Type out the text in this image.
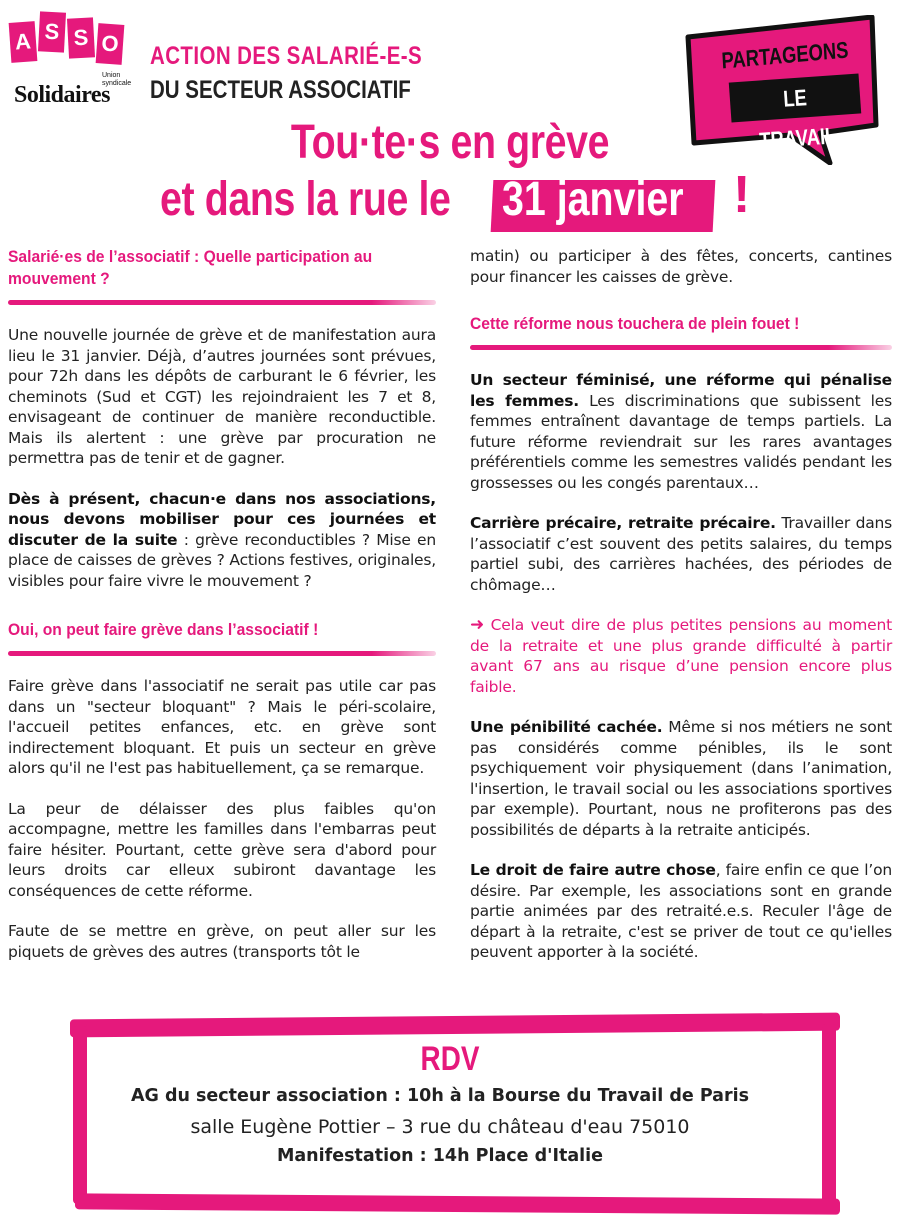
A S S O
Solidaires
Union syndicale
ACTION DES SALARIÉ-E-S
DU SECTEUR ASSOCIATIF
PARTAGEONS
LE TRAVAIL
Tou·te·s en grève
et dans la rue le	31 janvier !
Salarié·es de l’associatif : Quelle participation au mouvement ?

Une nouvelle journée de grève et de manifestation aura lieu le 31 janvier. Déjà, d’autres journées sont prévues, pour 72h dans les dépôts de carburant le 6 février, les cheminots (Sud et CGT) les rejoindraient les 7 et 8, envisageant de continuer de manière reconductible. Mais ils alertent : une grève par procuration ne permettra pas de tenir et de gagner.

Dès à présent, chacun·e dans nos associations, nous devons mobiliser pour ces journées et discuter de la suite : grève reconductibles ? Mise en place de caisses de grèves ? Actions festives, originales, visibles pour faire vivre le mouvement ?

Oui, on peut faire grève dans l’associatif !

Faire grève dans l'associatif ne serait pas utile car pas dans un "secteur bloquant" ? Mais le péri-scolaire, l'accueil petites enfances, etc. en grève sont indirectement bloquant. Et puis un secteur en grève alors qu'il ne l'est pas habituellement, ça se remarque.

La peur de délaisser des plus faibles qu'on accompagne, mettre les familles dans l'embarras peut faire hésiter. Pourtant, cette grève sera d'abord pour leurs droits car elleux subiront davantage les conséquences de cette réforme.

Faute de se mettre en grève, on peut aller sur les piquets de grèves des autres (transports tôt le

matin) ou participer à des fêtes, concerts, cantines pour financer les caisses de grève.

Cette réforme nous touchera de plein fouet !

Un secteur féminisé, une réforme qui pénalise les femmes. Les discriminations que subissent les femmes entraînent davantage de temps partiels. La future réforme reviendrait sur les rares avantages préférentiels comme les semestres validés pendant les grossesses ou les congés parentaux…

Carrière précaire, retraite précaire. Travailler dans l’associatif c’est souvent des petits salaires, du temps partiel subi, des carrières hachées, des périodes de chômage…

➜ Cela veut dire de plus petites pensions au moment de la retraite et une plus grande difficulté à partir avant 67 ans au risque d’une pension encore plus faible.

Une pénibilité cachée. Même si nos métiers ne sont pas considérés comme pénibles, ils le sont psychiquement voir physiquement (dans l’animation, l'insertion, le travail social ou les associations sportives par exemple). Pourtant, nous ne profiterons pas des possibilités de départs à la retraite anticipés.

Le droit de faire autre chose, faire enfin ce que l’on désire. Par exemple, les associations sont en grande partie animées par des retraité.e.s. Reculer l'âge de départ à la retraite, c'est se priver de tout ce qu'ielles peuvent apporter à la société.

RDV
AG du secteur association : 10h à la Bourse du Travail de Paris
salle Eugène Pottier – 3 rue du château d'eau 75010
Manifestation : 14h Place d'Italie
